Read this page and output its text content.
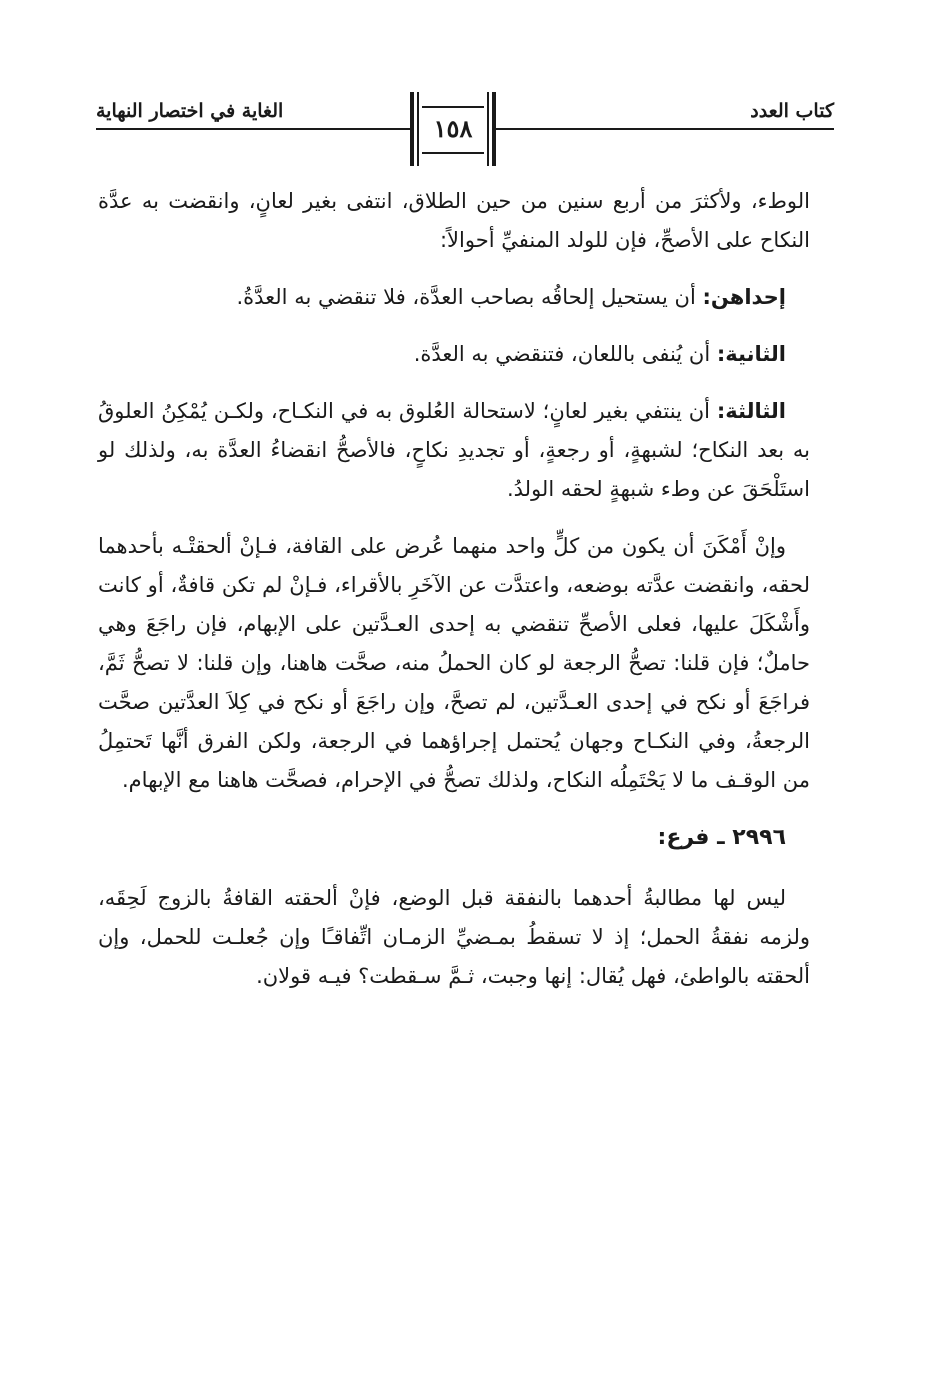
كتاب العدد
١٥٨
الغاية في اختصار النهاية

الوطء، ولأكثرَ من أربع سنين من حين الطلاق، انتفى بغير لعانٍ، وانقضت به عدَّة النكاح على الأصحِّ، فإن للولد المنفيِّ أحوالاً:

إحداهن: أن يستحيل إلحاقُه بصاحب العدَّة، فلا تنقضي به العدَّةُ.

الثانية: أن يُنفى باللعان، فتنقضي به العدَّة.

الثالثة: أن ينتفي بغير لعانٍ؛ لاستحالة العُلوق به في النكـاح، ولكـن يُمْكِنُ العلوقُ به بعد النكاح؛ لشبهةٍ، أو رجعةٍ، أو تجديدِ نكاحٍ، فالأصحُّ انقضاءُ العدَّة به، ولذلك لو استَلْحَقَ عن وطء شبهةٍ لحقه الولدُ.

وإنْ أَمْكَنَ أن يكون من كلٍّ واحد منهما عُرض على القافة، فـإنْ ألحقتْـه بأحدهما لحقه، وانقضت عدَّته بوضعه، واعتدَّت عن الآخَرِ بالأقراء، فـإنْ لم تكن قافةٌ، أو كانت وأَشْكَلَ عليها، فعلى الأصحِّ تنقضي به إحدى العـدَّتين على الإبهام، فإن راجَعَ وهي حاملٌ؛ فإن قلنا: تصحُّ الرجعة لو كان الحملُ منه، صحَّت هاهنا، وإن قلنا: لا تصحُّ ثَمَّ، فراجَعَ أو نكح في إحدى العـدَّتين، لم تصحَّ، وإن راجَعَ أو نكح في كِلاَ العدَّتين صحَّت الرجعةُ، وفي النكـاح وجهان يُحتمل إجراؤهما في الرجعة، ولكن الفرق أنَّها تَحتمِلُ من الوقـف ما لا يَحْتَمِلُه النكاح، ولذلك تصحُّ في الإحرام، فصحَّت هاهنا مع الإبهام.

٢٩٩٦ ـ فرع:

ليس لها مطالبةُ أحدهما بالنفقة قبل الوضع، فإنْ ألحقته القافةُ بالزوج لَحِقَه، ولزمه نفقةُ الحمل؛ إذ لا تسقطُ بمـضيِّ الزمـان اتِّفاقـًا وإن جُعلـت للحمل، وإن ألحقته بالواطئ، فهل يُقال: إنها وجبت، ثـمَّ سـقطت؟ فيـه قولان.
